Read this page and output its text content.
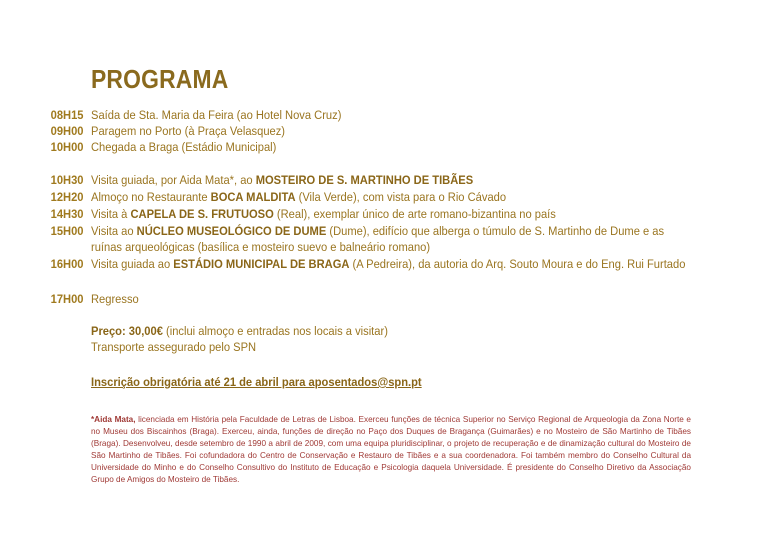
PROGRAMA
08H15 Saída de Sta. Maria da Feira (ao Hotel Nova Cruz)
09H00 Paragem no Porto (à Praça Velasquez)
10H00 Chegada a Braga (Estádio Municipal)
10H30 Visita guiada, por Aida Mata*, ao MOSTEIRO DE S. MARTINHO DE TIBÃES
12H20 Almoço no Restaurante BOCA MALDITA (Vila Verde), com vista para o Rio Cávado
14H30 Visita à CAPELA DE S. FRUTUOSO (Real), exemplar único de arte romano-bizantina no país
15H00 Visita ao NÚCLEO MUSEOLÓGICO DE DUME (Dume), edifício que alberga o túmulo de S. Martinho de Dume e as
ruínas arqueológicas (basílica e mosteiro suevo e balneário romano)
16H00 Visita guiada ao ESTÁDIO MUNICIPAL DE BRAGA (A Pedreira), da autoria do Arq. Souto Moura e do Eng. Rui Furtado
17H00 Regresso
Preço: 30,00€ (inclui almoço e entradas nos locais a visitar)
Transporte assegurado pelo SPN
Inscrição obrigatória até 21 de abril para aposentados@spn.pt
*Aida Mata, licenciada em História pela Faculdade de Letras de Lisboa. Exerceu funções de técnica Superior no Serviço Regional de Arqueologia da Zona Norte e no Museu dos Biscainhos (Braga). Exerceu, ainda, funções de direção no Paço dos Duques de Bragança (Guimarães) e no Mosteiro de São Martinho de Tibães (Braga). Desenvolveu, desde setembro de 1990 a abril de 2009, com uma equipa pluridisciplinar, o projeto de recuperação e de dinamização cultural do Mosteiro de São Martinho de Tibães. Foi cofundadora do Centro de Conservação e Restauro de Tibães e a sua coordenadora. Foi também membro do Conselho Cultural da Universidade do Minho e do Conselho Consultivo do Instituto de Educação e Psicologia daquela Universidade. É presidente do Conselho Diretivo da Associação Grupo de Amigos do Mosteiro de Tibães.
